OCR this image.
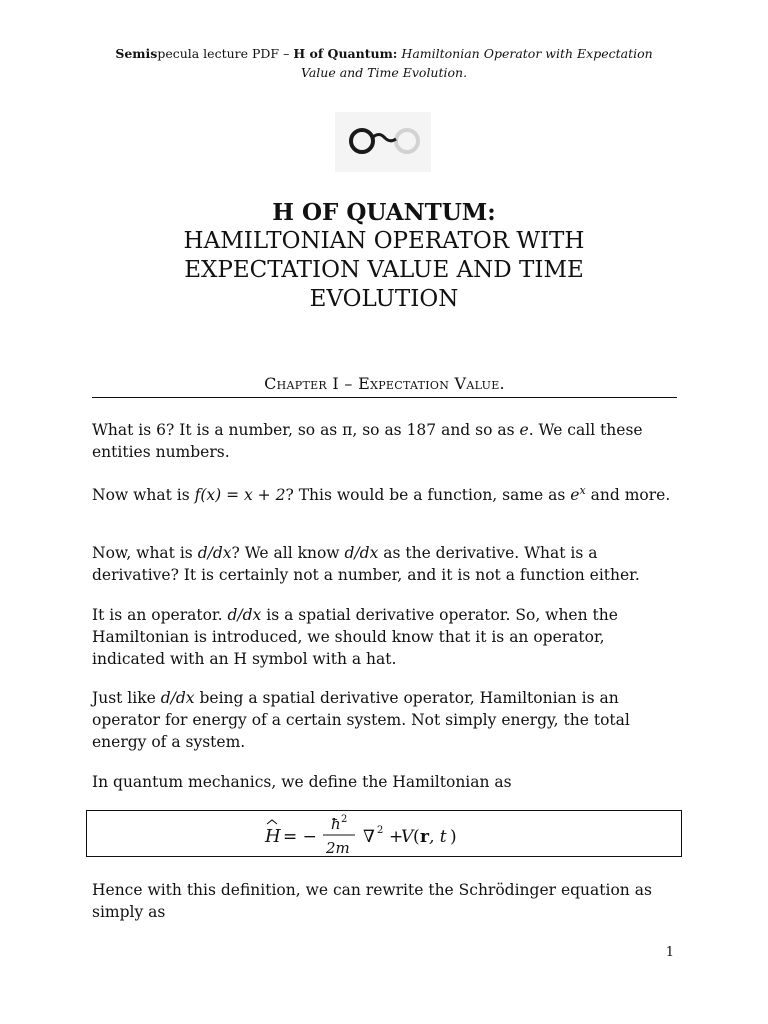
Semispecula lecture PDF – H of Quantum: Hamiltonian Operator with Expectation
Value and Time Evolution.
H OF QUANTUM:
HAMILTONIAN OPERATOR WITH
EXPECTATION VALUE AND TIME
EVOLUTION
Chapter I – Expectation Value.

What is 6? It is a number, so as π, so as 187 and so as e. We call these entities numbers.

Now what is f(x) = x + 2? This would be a function, same as $e^x$ and more.

Now, what is d/dx? We all know d/dx as the derivative. What is a derivative? It is certainly not a number, and it is not a function either.

It is an operator. d/dx is a spatial derivative operator. So, when the Hamiltonian is introduced, we should know that it is an operator, indicated with an H symbol with a hat.

Just like d/dx being a spatial derivative operator, Hamiltonian is an operator for energy of a certain system. Not simply energy, the total energy of a system.

In quantum mechanics, we define the Hamiltonian as

H = −
ħ 2
2m
∇ 2 +
V ( r , t )

Hence with this definition, we can rewrite the Schrödinger equation as simply as

1
